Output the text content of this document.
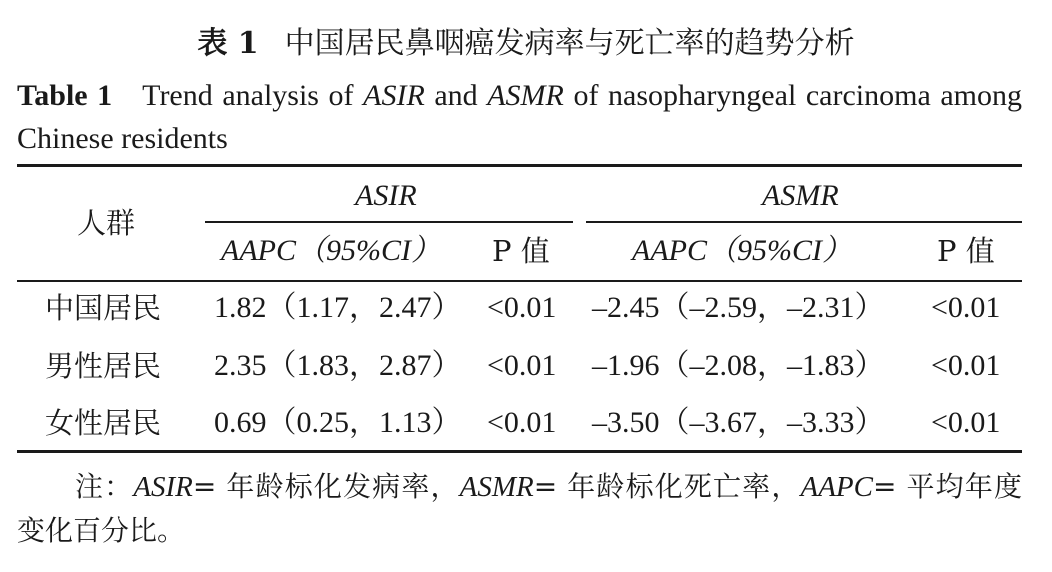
表 1 中国居民鼻咽癌发病率与死亡率的趋势分析
Table 1 Trend analysis of ASIR and ASMR of nasopharyngeal carcinoma among Chinese residents
人群
ASIR	ASMR
AAPC（95%CI） P 值	AAPC（95%CI）	P 值
中国居民 1.82（1.17，2.47） <0.01 –2.45（–2.59，–2.31） <0.01
男性居民 2.35（1.83，2.87） <0.01 –1.96（–2.08，–1.83） <0.01
女性居民 0.69（0.25，1.13） <0.01 –3.50（–3.67，–3.33） <0.01
注：ASIR= 年龄标化发病率，ASMR= 年龄标化死亡率，AAPC= 平均年度变化百分比。
